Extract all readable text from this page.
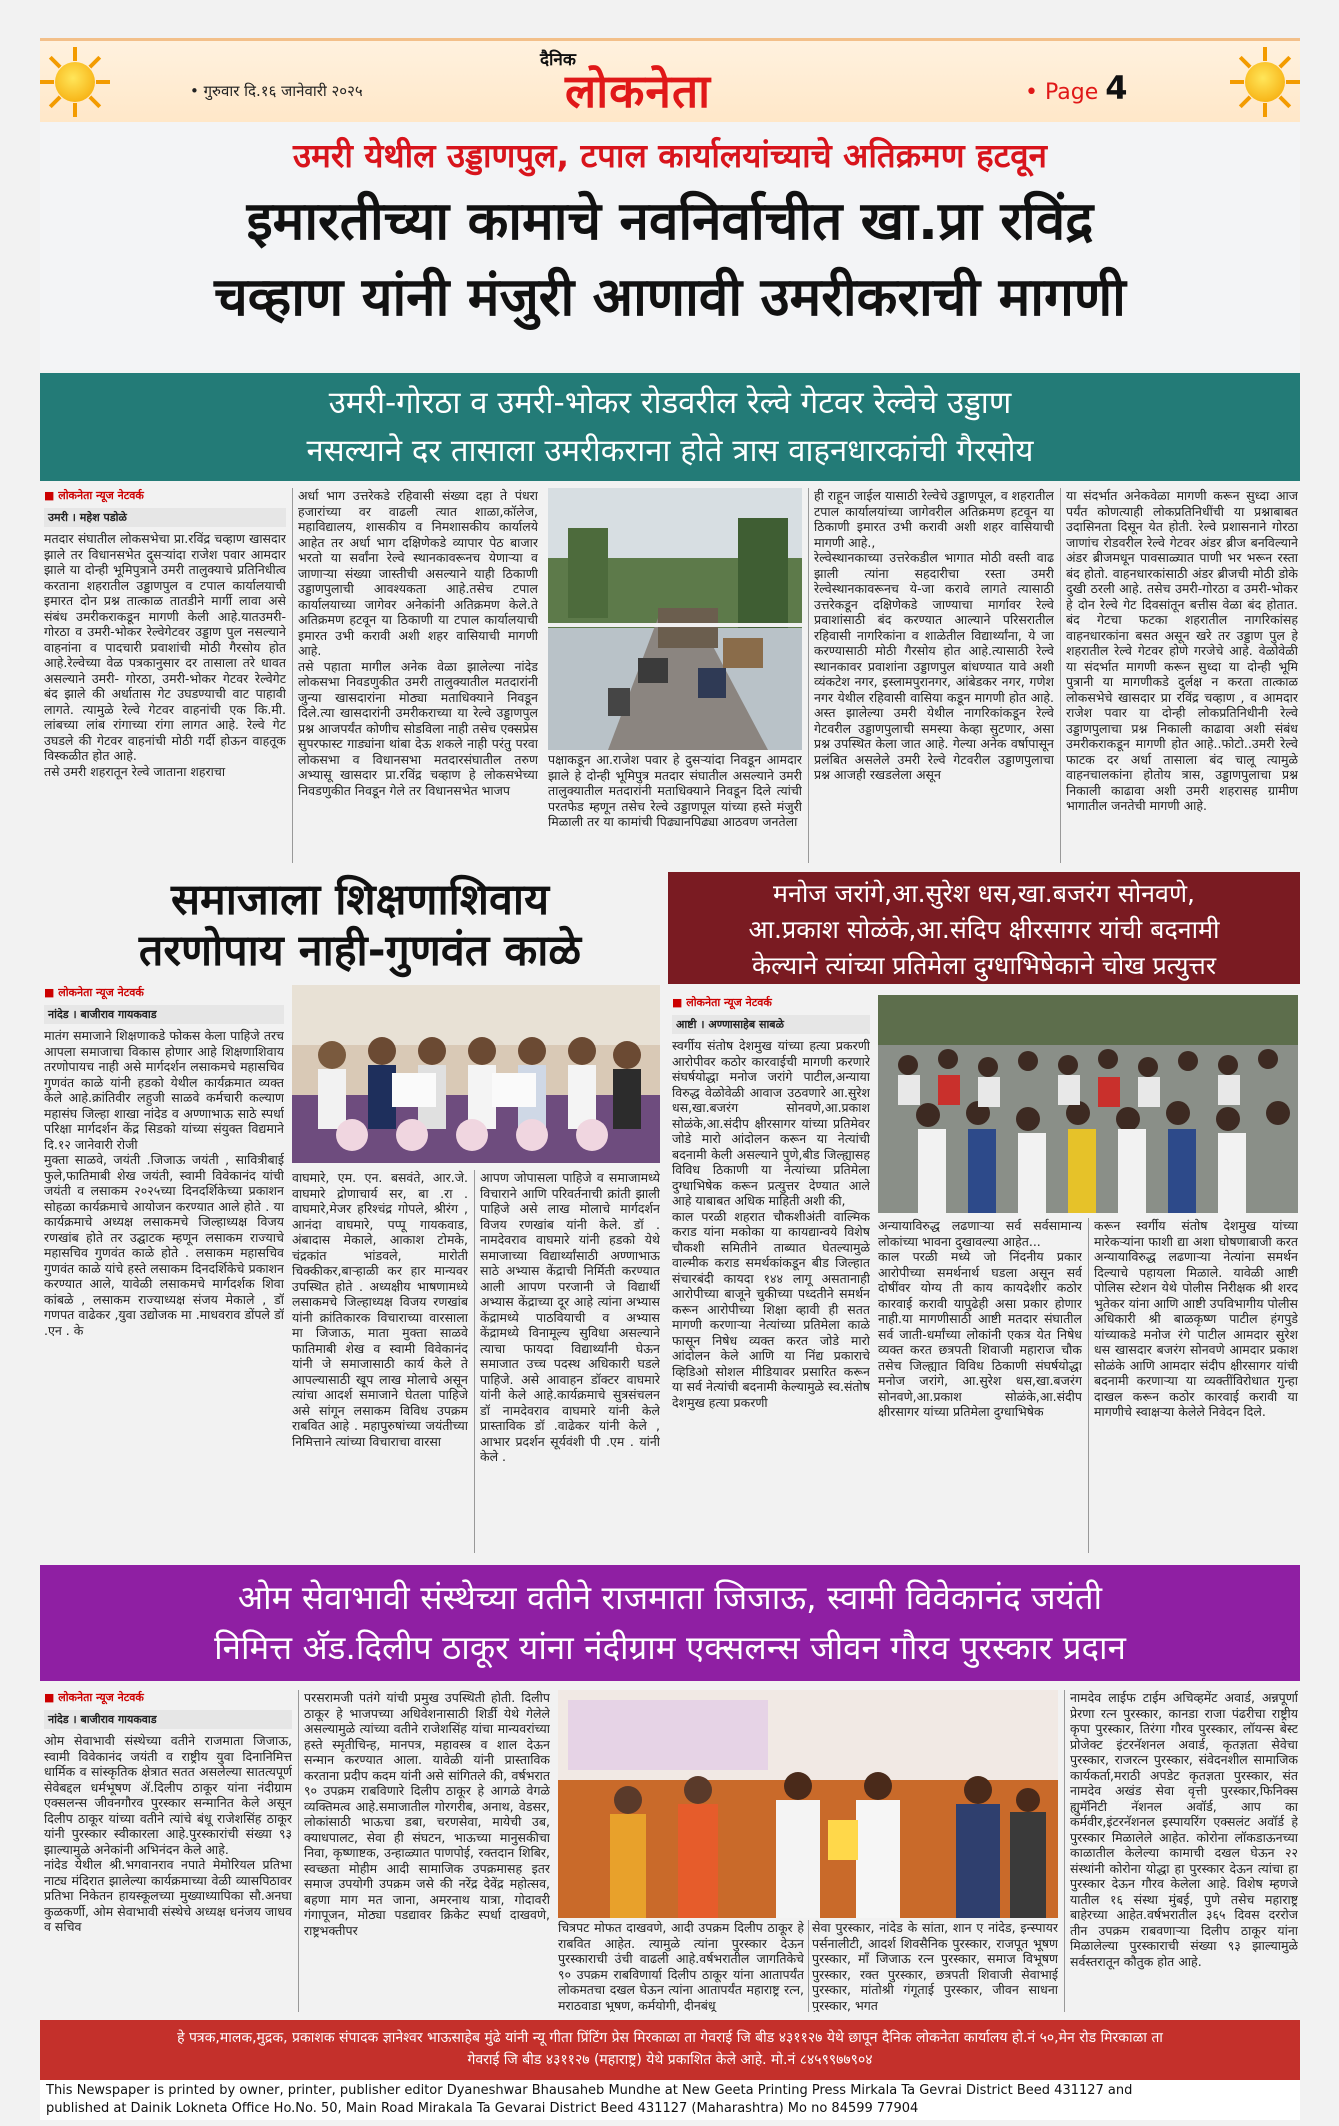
• गुरुवार दि.१६ जानेवारी २०२५
दैनिक
लोकनेता	• Page 4
उमरी येथील उड्डाणपुल, टपाल कार्यालयांच्याचे अतिक्रमण हटवून
इमारतीच्या कामाचे नवनिर्वाचीत खा.प्रा रविंद्र
चव्हाण यांनी मंजुरी आणावी उमरीकराची मागणी
उमरी-गोरठा व उमरी-भोकर रोडवरील रेल्वे गेटवर रेल्वेचे उड्डाण
नसल्याने दर तासाला उमरीकराना होते त्रास वाहनधारकांची गैरसोय
■ लोकनेता न्यूज नेटवर्क
उमरी । महेश पडोळे
मतदार संघातील लोकसभेचा प्रा.रविंद्र चव्हाण खासदार झाले तर विधानसभेत दुसऱ्यांदा राजेश पवार आमदार झाले या दोन्ही भूमिपुत्राने उमरी तालुक्याचे प्रतिनिधीत्व करताना शहरातील उड्डाणपुल व टपाल कार्यालयाची इमारत दोन प्रश्न तात्काळ तातडीने मार्गी लावा असे संबंध उमरीकराकडून मागणी केली आहे.यातउमरी-गोरठा व उमरी-भोकर रेल्वेगेटवर उड्डाण पुल नसल्याने वाहनांना व पादचारी प्रवाशांची मोठी गैरसोय होत आहे.रेल्वेच्या वेळ पत्रकानुसार दर तासाला तरे धावत असल्याने उमरी- गोरठा, उमरी-भोकर गेटवर रेल्वेगेट बंद झाले की अर्धातास गेट उघडण्याची वाट पाहावी लागते. त्यामुळे रेल्वे गेटवर वाहनांची एक कि.मी. लांबच्या लांब रांगाच्या रांगा लागत आहे. रेल्वे गेट उघडले की गेटवर वाहनांची मोठी गर्दी होऊन वाहतूक विस्कळीत होत आहे.
तसे उमरी शहरातून रेल्वे जाताना शहराचा
अर्धा भाग उत्तरेकडे रहिवासी संख्या दहा ते पंधरा हजारांच्या वर वाढली त्यात शाळा,कॉलेज, महाविद्यालय, शासकीय व निमशासकीय कार्यालये आहेत तर अर्धा भाग दक्षिणेकडे व्यापार पेठ बाजार भरतो या सर्वांना रेल्वे स्थानकावरूनच येणाऱ्या व जाणाऱ्या संख्या जास्तीची असल्याने याही ठिकाणी उड्डाणपुलाची आवश्यकता आहे.तसेच टपाल कार्यालयाच्या जागेवर अनेकांनी अतिक्रमण केले.ते अतिक्रमण हटवून या ठिकाणी या टपाल कार्यालयाची इमारत उभी करावी अशी शहर वासियाची मागणी आहे.
तसे पहाता मागील अनेक वेळा झालेल्या नांदेड लोकसभा निवडणुकीत उमरी तालुक्यातील मतदारांनी जुन्या खासदारांना मोठ्या मताधिक्याने निवडून दिले.त्या खासदारांनी उमरीकराच्या या रेल्वे उड्डाणपुल प्रश्न आजपर्यंत कोणीच सोडविला नाही तसेच एक्सप्रेस सुपरफास्ट गाड्यांना थांबा देऊ शकले नाही परंतु परवा लोकसभा व विधानसभा मतदारसंघातील तरुण अभ्यासू खासदार प्रा.रविंद्र चव्हाण हे लोकसभेच्या निवडणुकीत निवडून गेले तर विधानसभेत भाजप
पक्षाकडून आ.राजेश पवार हे दुसऱ्यांदा निवडून आमदार झाले हे दोन्ही भूमिपुत्र मतदार संघातील असल्याने उमरी तालुक्यातील मतदारांनी मताधिक्याने निवडून दिले त्यांची परतफेड म्हणून तसेच रेल्वे उड्डाणपूल यांच्या हस्ते मंजुरी मिळाली तर या कामांची पिढ्यानपिढ्या आठवण जनतेला
ही राहून जाईल यासाठी रेल्वेचे उड्डाणपूल, व शहरातील टपाल कार्यालयांच्या जागेवरील अतिक्रमण हटवून या ठिकाणी इमारत उभी करावी अशी शहर वासियाची मागणी आहे.,
रेल्वेस्थानकाच्या उत्तरेकडील भागात मोठी वस्ती वाढ झाली त्यांना सहदारीचा रस्ता उमरी रेल्वेस्थानकावरूनच ये-जा करावे लागते त्यासाठी उत्तरेकडून दक्षिणेकडे जाण्याचा मार्गावर रेल्वे प्रवाशांसाठी बंद करण्यात आल्याने परिसरातील रहिवासी नागरिकांना व शाळेतील विद्यार्थ्यांना, ये जा करण्यासाठी मोठी गैरसोय होत आहे.त्यासाठी रेल्वे स्थानकावर प्रवाशांना उड्डाणपुल बांधण्यात यावे अशी व्यंकटेश नगर, इस्लामपुरानगर, आंबेडकर नगर, गणेश नगर येथील रहिवासी वासिया कडून मागणी होत आहे. अस्त झालेल्या उमरी येथील नागरिकांकडून रेल्वे गेटवरील उड्डाणपुलाची समस्या केव्हा सुटणार, असा प्रश्न उपस्थित केला जात आहे. गेल्या अनेक वर्षापासून प्रलंबित असलेले उमरी रेल्वे गेटवरील उड्डाणपुलाचा प्रश्न आजही रखडलेला असून
या संदर्भात अनेकवेळा मागणी करून सुध्दा आज पर्यंत कोणत्याही लोकप्रतिनिधींची या प्रश्नाबाबत उदासिनता दिसून येत होती. रेल्वे प्रशासनाने गोरठा जाणांच रोडवरील रेल्वे गेटवर अंडर ब्रीज बनविल्याने अंडर ब्रीजमधून पावसाळ्यात पाणी भर भरून रस्ता बंद होतो. वाहनधारकांसाठी अंडर ब्रीजची मोठी डोके दुखी ठरली आहे. तसेच उमरी-गोरठा व उमरी-भोकर हे दोन रेल्वे गेट दिवसांतून बत्तीस वेळा बंद होतात. बंद गेटचा फटका शहरातील नागरिकांसह वाहनधारकांना बसत असून खरे तर उड्डाण पुल हे शहरातील रेल्वे गेटवर होणे गरजेचे आहे. वेळोवेळी या संदर्भात मागणी करून सुध्दा या दोन्ही भूमि पुत्रानी या मागणीकडे दुर्लक्ष न करता तात्काळ लोकसभेचे खासदार प्रा रविंद्र चव्हाण , व आमदार राजेश पवार या दोन्ही लोकप्रतिनिधीनी रेल्वे उड्डाणपुलाचा प्रश्न निकाली काढावा अशी संबंध उमरीकराकडून मागणी होत आहे..फोटो..उमरी रेल्वे फाटक दर अर्धा तासाला बंद चालू त्यामुळे वाहनचालकांना होतोय त्रास, उड्डाणपुलाचा प्रश्न निकाली काढावा अशी उमरी शहरासह ग्रामीण भागातील जनतेची मागणी आहे.
समाजाला शिक्षणाशिवाय
तरणोपाय नाही-गुणवंत काळे
■ लोकनेता न्यूज नेटवर्क
नांदेड । बाजीराव गायकवाड
मातंग समाजाने शिक्षणाकडे फोकस केला पाहिजे तरच आपला समाजाचा विकास होणार आहे शिक्षणाशिवाय तरणोपायच नाही असे मार्गदर्शन लसाकमचे महासचिव गुणवंत काळे यांनी हडको येथील कार्यक्रमात व्यक्त केले आहे.क्रांतिवीर लहुजी साळवे कर्मचारी कल्याण महासंघ जिल्हा शाखा नांदेड व अण्णाभाऊ साठे स्पर्धा परिक्षा मार्गदर्शन केंद्र सिडको यांच्या संयुक्त विद्यमाने दि.१२ जानेवारी रोजी
मुक्ता साळवे, जयंती .जिजाऊ जयंती , सावित्रीबाई फुले,फातिमाबी शेख जयंती, स्वामी विवेकानंद यांची जयंती व लसाकम २०२५च्या दिनदर्शिकेच्या प्रकाशन सोहळा कार्यक्रमाचे आयोजन करण्यात आले होते . या कार्यक्रमाचे अध्यक्ष लसाकमचे जिल्हाध्यक्ष विजय रणखांब होते तर उद्घाटक म्हणून लसाकम राज्याचे महासचिव गुणवंत काळे होते . लसाकम महासचिव गुणवंत काळे यांचे हस्ते लसाकम दिनदर्शिकेचे प्रकाशन करण्यात आले, यावेळी लसाकमचे मार्गदर्शक शिवा कांबळे , लसाकम राज्याध्यक्ष संजय मेकाले , डॉ गणपत वाढेकर ,युवा उद्योजक मा .माधवराव डोंपले डॉ .एन . के
वाघमारे, एम. एन. बसवंते, आर.जे. वाघमारे द्रोणाचार्य सर, बा .रा . वाघमारे,मेजर हरिश्चंद्र गोपले, श्रीरंग , आनंदा वाघमारे, पप्पू गायकवाड, अंबादास मेकाले, आकाश टोमके, चंद्रकांत भांडवले, मारोती चिक्कीकर,बाऱ्हाळी कर हार मान्यवर उपस्थित होते . अध्यक्षीय भाषणामध्ये लसाकमचे जिल्हाध्यक्ष विजय रणखांब यांनी क्रांतिकारक विचाराच्या वारसाला मा जिजाऊ, माता मुक्ता साळवे फातिमाबी शेख व स्वामी विवेकानंद यांनी जे समाजासाठी कार्य केले ते आपल्यासाठी खूप लाख मोलाचे असून त्यांचा आदर्श समाजाने घेतला पाहिजे असे सांगून लसाकम विविध उपक्रम राबवित आहे . महापुरुषांच्या जयंतीच्या निमित्ताने त्यांच्या विचाराचा वारसा
आपण जोपासला पाहिजे व समाजामध्ये विचाराने आणि परिवर्तनाची क्रांती झाली पाहिजे असे लाख मोलाचे मार्गदर्शन विजय रणखांब यांनी केले. डॉ . नामदेवराव वाघमारे यांनी हडको येथे समाजाच्या विद्यार्थ्यांसाठी अण्णाभाऊ साठे अभ्यास केंद्राची निर्मिती करण्यात आली आपण परजानी जे विद्यार्थी अभ्यास केंद्राच्या दूर आहे त्यांना अभ्यास केंद्रामध्ये पाठवियाची व अभ्यास केंद्रामध्ये विनामूल्य सुविधा असल्याने त्याचा फायदा विद्यार्थ्यांनी घेऊन समाजात उच्च पदस्थ अधिकारी घडले पाहिजे. असे आवाहन डॉक्टर वाघमारे यांनी केले आहे.कार्यक्रमाचे सुत्रसंचलन डॉ नामदेवराव वाघमारे यांनी केले प्रास्ताविक डॉ .वाढेकर यांनी केले , आभार प्रदर्शन सूर्यवंशी पी .एम . यांनी केले .
मनोज जरांगे,आ.सुरेश धस,खा.बजरंग सोनवणे,
आ.प्रकाश सोळंके,आ.संदिप क्षीरसागर यांची बदनामी
केल्याने त्यांच्या प्रतिमेला दुग्धाभिषेकाने चोख प्रत्युत्तर
■ लोकनेता न्यूज नेटवर्क
आष्टी । अण्णासाहेब साबळे
स्वर्गीय संतोष देशमुख यांच्या हत्या प्रकरणी आरोपीवर कठोर कारवाईची मागणी करणारे संघर्षयोद्धा मनोज जरांगे पाटील,अन्याया विरुद्ध वेळोवेळी आवाज उठवणारे आ.सुरेश धस,खा.बजरंग सोनवणे,आ.प्रकाश सोळंके,आ.संदीप क्षीरसागर यांच्या प्रतिमेवर जोडे मारो आंदोलन करून या नेत्यांची बदनामी केली असल्याने पुणे,बीड जिल्ह्यासह विविध ठिकाणी या नेत्यांच्या प्रतिमेला दुग्धाभिषेक करून प्रत्युत्तर देण्यात आले आहे याबाबत अधिक माहिती अशी की,
काल परळी शहरात चौकशीअंती वाल्मिक कराड यांना मकोका या कायद्यान्वये विशेष चौकशी समितीने ताब्यात घेतल्यामुळे वाल्मीक कराड समर्थकांकडून बीड जिल्हात संचारबंदी कायदा १४४ लागू असतानाही आरोपीच्या बाजूने चुकीच्या पध्दतीने समर्थन करून आरोपीच्या शिक्षा व्हावी ही सतत मागणी करणाऱ्या नेत्यांच्या प्रतिमेला काळे फासून निषेध व्यक्त करत जोडे मारो आंदोलन केले आणि या निंद्य प्रकाराचे व्हिडिओ सोशल मीडियावर प्रसारित करून या सर्व नेत्यांची बदनामी केल्यामुळे स्व.संतोष देशमुख हत्या प्रकरणी
अन्यायाविरुद्ध लढणाऱ्या सर्व सर्वसामान्य लोकांच्या भावना दुखावल्या आहेत...
काल परळी मध्ये जो निंदनीय प्रकार आरोपीच्या समर्थनार्थ घडला असून सर्व दोषींवर योग्य ती काय कायदेशीर कठोर कारवाई करावी यापुढेही असा प्रकार होणार नाही.या मागणीसाठी आष्टी मतदार संघातील सर्व जाती-धर्मांच्या लोकांनी एकत्र येत निषेध व्यक्त करत छत्रपती शिवाजी महाराज चौक तसेच जिल्ह्यात विविध ठिकाणी संघर्षयोद्धा मनोज जरांगे, आ.सुरेश धस,खा.बजरंग सोनवणे,आ.प्रकाश सोळंके,आ.संदीप क्षीरसागर यांच्या प्रतिमेला दुग्धाभिषेक
करून स्वर्गीय संतोष देशमुख यांच्या मारेकऱ्यांना फाशी द्या अशा घोषणाबाजी करत अन्यायाविरुद्ध लढणाऱ्या नेत्यांना समर्थन दिल्याचे पहायला मिळाले. यावेळी आष्टी पोलिस स्टेशन येथे पोलीस निरीक्षक श्री शरद भुतेकर यांना आणि आष्टी उपविभागीय पोलीस अधिकारी श्री बाळकृष्ण पाटील हंगपुडे यांच्याकडे मनोज रंगे पाटील आमदार सुरेश धस खासदार बजरंग सोनवणे आमदार प्रकाश सोळंके आणि आमदार संदीप क्षीरसागर यांची बदनामी करणाऱ्या या व्यक्तींविरोधात गुन्हा दाखल करून कठोर कारवाई करावी या मागणीचे स्वाक्षऱ्या केलेले निवेदन दिले.
ओम सेवाभावी संस्थेच्या वतीने राजमाता जिजाऊ, स्वामी विवेकानंद जयंती
निमित्त अ‍ॅड.दिलीप ठाकूर यांना नंदीग्राम एक्सलन्स जीवन गौरव पुरस्कार प्रदान
■ लोकनेता न्यूज नेटवर्क
नांदेड । बाजीराव गायकवाड
ओम सेवाभावी संस्थेच्या वतीने राजमाता जिजाऊ, स्वामी विवेकानंद जयंती व राष्ट्रीय युवा दिनानिमित्त धार्मिक व सांस्कृतिक क्षेत्रात सतत असलेल्या सातत्यपूर्ण सेवेबद्दल धर्मभूषण ॲ.दिलीप ठाकूर यांना नंदीग्राम एक्सलन्स जीवनगौरव पुरस्कार सन्मानित केले असून दिलीप ठाकूर यांच्या वतीने त्यांचे बंधू राजेशसिंह ठाकूर यांनी पुरस्कार स्वीकारला आहे.पुरस्कारांची संख्या ९३ झाल्यामुळे अनेकांनी अभिनंदन केले आहे.
नांदेड येथील श्री.भगवानराव नपाते मेमोरियल प्रतिभा नाट्य मंदिरात झालेल्या कार्यक्रमाच्या वेळी व्यासपिठावर प्रतिभा निकेतन हायस्कूलच्या मुख्याध्यापिका सौ.अनघा कुळकर्णी, ओम सेवाभावी संस्थेचे अध्यक्ष धनंजय जाधव व सचिव
परसरामजी पतंगे यांची प्रमुख उपस्थिती होती. दिलीप ठाकूर हे भाजपच्या अधिवेशनासाठी शिर्डी येथे गेलेले असल्यामुळे त्यांच्या वतीने राजेशसिंह यांचा मान्यवरांच्या हस्ते स्मृतीचिन्ह, मानपत्र, महावस्त्र व शाल देऊन सन्मान करण्यात आला. यावेळी यांनी प्रास्ताविक करताना प्रदीप कदम यांनी असे सांगितले की, वर्षभरात ९० उपक्रम राबविणारे दिलीप ठाकूर हे आगळे वेगळे व्यक्तिमत्व आहे.समाजातील गोरगरीब, अनाथ, वेडसर, लोकांसाठी भाऊचा डबा, चरणसेवा, मायेची उब, क्याधपालट, सेवा ही संघटन, भाऊच्या मानुसकीचा निवा, कृष्णाष्टक, उन्हाळ्यात पाणपोई, रक्तदान शिबिर, स्वच्छता मोहीम आदी सामाजिक उपक्रमासह इतर समाज उपयोगी उपक्रम जसे की नरेंद्र देवेंद्र महोत्सव, बहणा माग मत जाना, अमरनाथ यात्रा, गोदावरी गंगापूजन, मोठ्या पडद्यावर क्रिकेट स्पर्धा दाखवणे, राष्ट्रभक्तीपर	चित्रपट मोफत दाखवणे, आदी उपक्रम दिलीप ठाकूर हे राबवित आहेत. त्यामुळे त्यांना पुरस्कार देऊन पुरस्काराची उंची वाढली आहे.वर्षभरातील जागतिकेचे ९० उपक्रम राबविणार्या दिलीप ठाकूर यांना आतापर्यंत लोकमतचा दखल घेऊन त्यांना आतापर्यंत महाराष्ट्र रत्न, मराठवाडा भूषण, कर्मयोगी, दीनबंधू
सेवा पुरस्कार, नांदेड के सांता, शान ए नांदेड, इन्स्पायर पर्सनालीटी, आदर्श शिवसैनिक पुरस्कार, राजपूत भूषण पुरस्कार, माँ जिजाऊ रत्न पुरस्कार, समाज विभूषण पुरस्कार, रक्त पुरस्कार, छत्रपती शिवाजी सेवाभाई पुरस्कार, मांतोश्री गंगूताई पुरस्कार, जीवन साधना पुरस्कार, भगत
नामदेव लाईफ टाईम अचिव्हमेंट अवार्ड, अन्नपूर्णा प्रेरणा रत्न पुरस्कार, कानडा राजा पंढरीचा राष्ट्रीय कृपा पुरस्कार, तिरंगा गौरव पुरस्कार, लॉयन्स बेस्ट प्रोजेक्ट इंटरनॅशनल अवार्ड, कृतज्ञता सेवेचा पुरस्कार, राजरत्न पुरस्कार, संवेदनशील सामाजिक कार्यकर्ता,मराठी अपडेट कृतज्ञता पुरस्कार, संत नामदेव अखंड सेवा वृत्ती पुरस्कार,फिनिक्स ह्युमॅनिटी नॅशनल अवॉर्ड, आप का कर्मवीर,इंटरनॅशनल इस्पायरिंग एक्सलंट अवॉर्ड हे पुरस्कार मिळालेले आहेत. कोरोना लॉकडाऊनच्या काळातील केलेल्या कामाची दखल घेऊन २२ संस्थांनी कोरोना योद्धा हा पुरस्कार देऊन त्यांचा हा पुरस्कार देऊन गौरव केलेला आहे. विशेष म्हणजे यातील १६ संस्था मुंबई, पुणे तसेच महाराष्ट्र बाहेरच्या आहेत.वर्षभरातील ३६५ दिवस दररोज तीन उपक्रम राबवणाऱ्या दिलीप ठाकूर यांना मिळालेल्या पुरस्काराची संख्या ९३ झाल्यामुळे सर्वस्तरातून कौतुक होत आहे.
हे पत्रक,मालक,मुद्रक, प्रकाशक संपादक ज्ञानेश्वर भाऊसाहेब मुंढे यांनी न्यू गीता प्रिंटिंग प्रेस मिरकाळा ता गेवराई जि बीड ४३११२७ येथे छापून दैनिक लोकनेता कार्यालय हो.नं ५०,मेन रोड मिरकाळा ता
गेवराई जि बीड ४३११२७ (महाराष्ट्र) येथे प्रकाशित केले आहे. मो.नं ८४५९९७७९०४
This Newspaper is printed by owner, printer, publisher editor Dyaneshwar Bhausaheb Mundhe at New Geeta Printing Press Mirkala Ta Gevrai District Beed 431127 and
published at Dainik Lokneta Office Ho.No. 50, Main Road Mirakala Ta Gevarai District Beed 431127 (Maharashtra) Mo no 84599 77904
